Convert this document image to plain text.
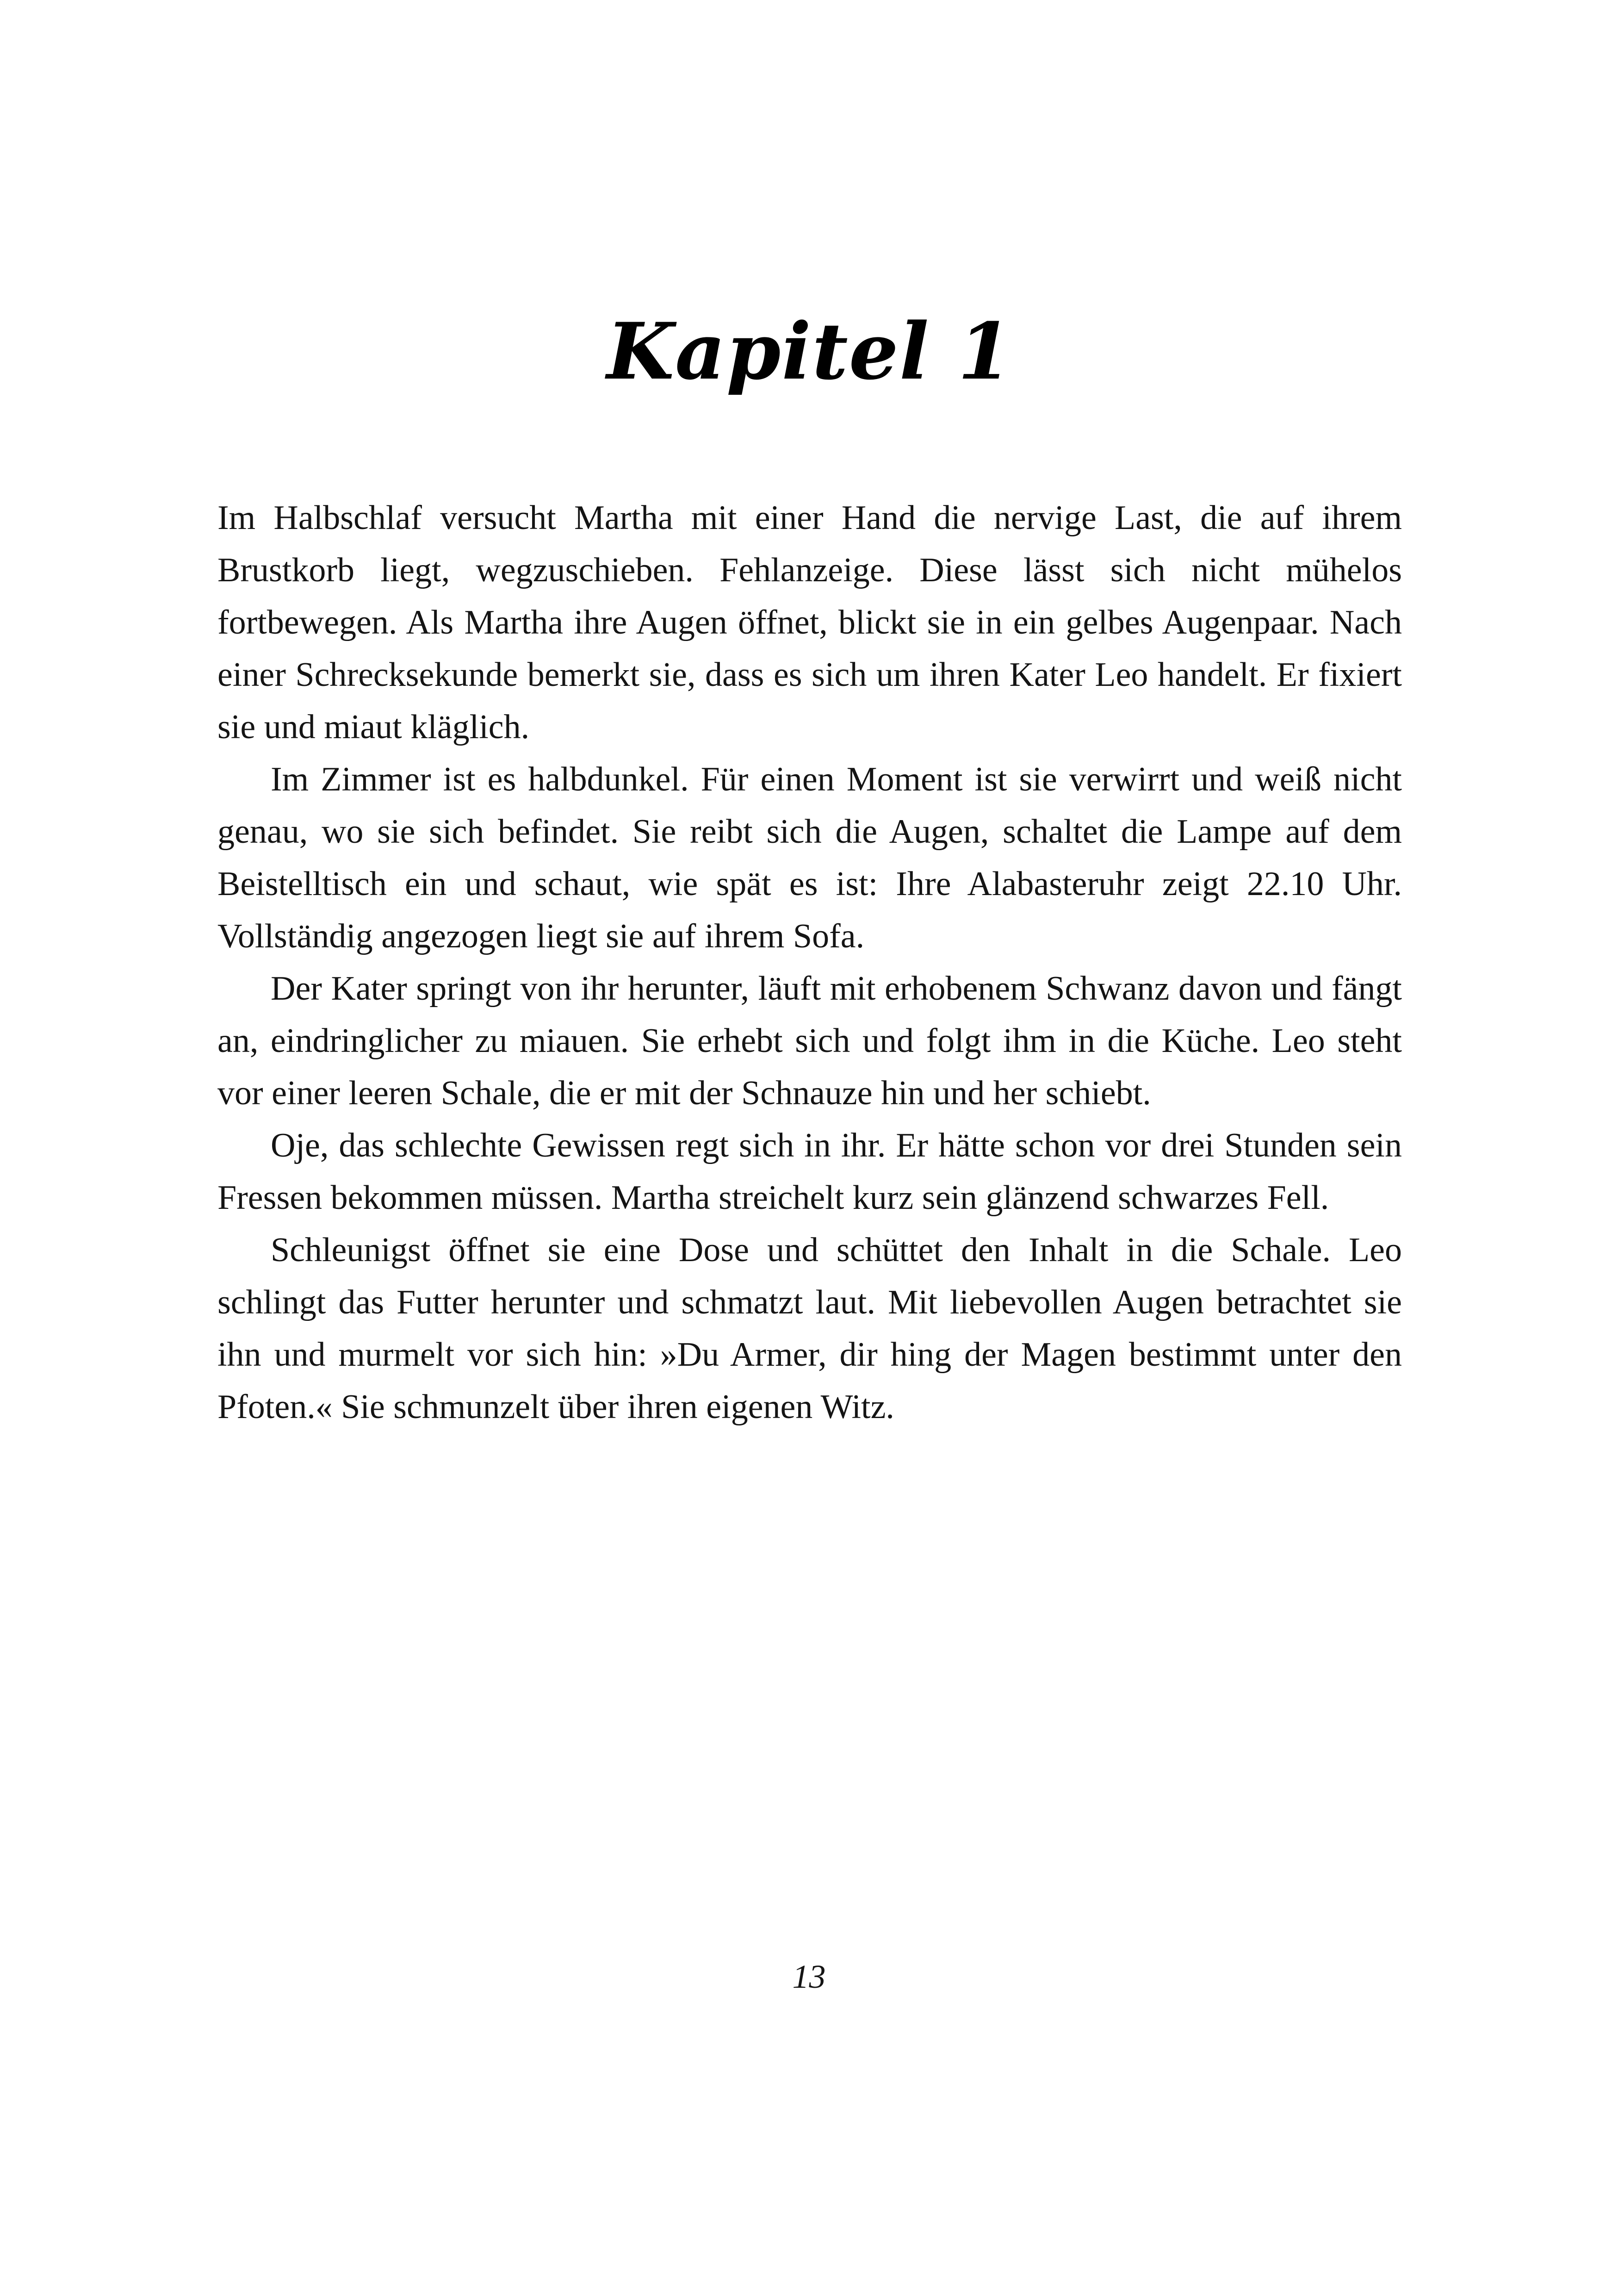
Kapitel 1

Im Halbschlaf versucht Martha mit einer Hand die nervige Last, die auf ihrem Brustkorb liegt, wegzuschieben. Fehlanzeige. Diese lässt sich nicht mühelos fortbewegen. Als Martha ihre Augen öffnet, blickt sie in ein gelbes Augenpaar. Nach einer Schrecksekunde bemerkt sie, dass es sich um ihren Kater Leo handelt. Er fixiert sie und miaut kläglich.

Im Zimmer ist es halbdunkel. Für einen Moment ist sie verwirrt und weiß nicht genau, wo sie sich befindet. Sie reibt sich die Augen, schaltet die Lampe auf dem Beistelltisch ein und schaut, wie spät es ist: Ihre Alabasteruhr zeigt 22.10 Uhr. Vollständig angezogen liegt sie auf ihrem Sofa.

Der Kater springt von ihr herunter, läuft mit erhobenem Schwanz davon und fängt an, eindringlicher zu miauen. Sie erhebt sich und folgt ihm in die Küche. Leo steht vor einer leeren Schale, die er mit der Schnauze hin und her schiebt.

Oje, das schlechte Gewissen regt sich in ihr. Er hätte schon vor drei Stunden sein Fressen bekommen müssen. Martha streichelt kurz sein glänzend schwarzes Fell.

Schleunigst öffnet sie eine Dose und schüttet den Inhalt in die Schale. Leo schlingt das Futter herunter und schmatzt laut. Mit liebevollen Augen betrachtet sie ihn und murmelt vor sich hin: »Du Armer, dir hing der Magen bestimmt unter den Pfoten.« Sie schmunzelt über ihren eigenen Witz.

13
